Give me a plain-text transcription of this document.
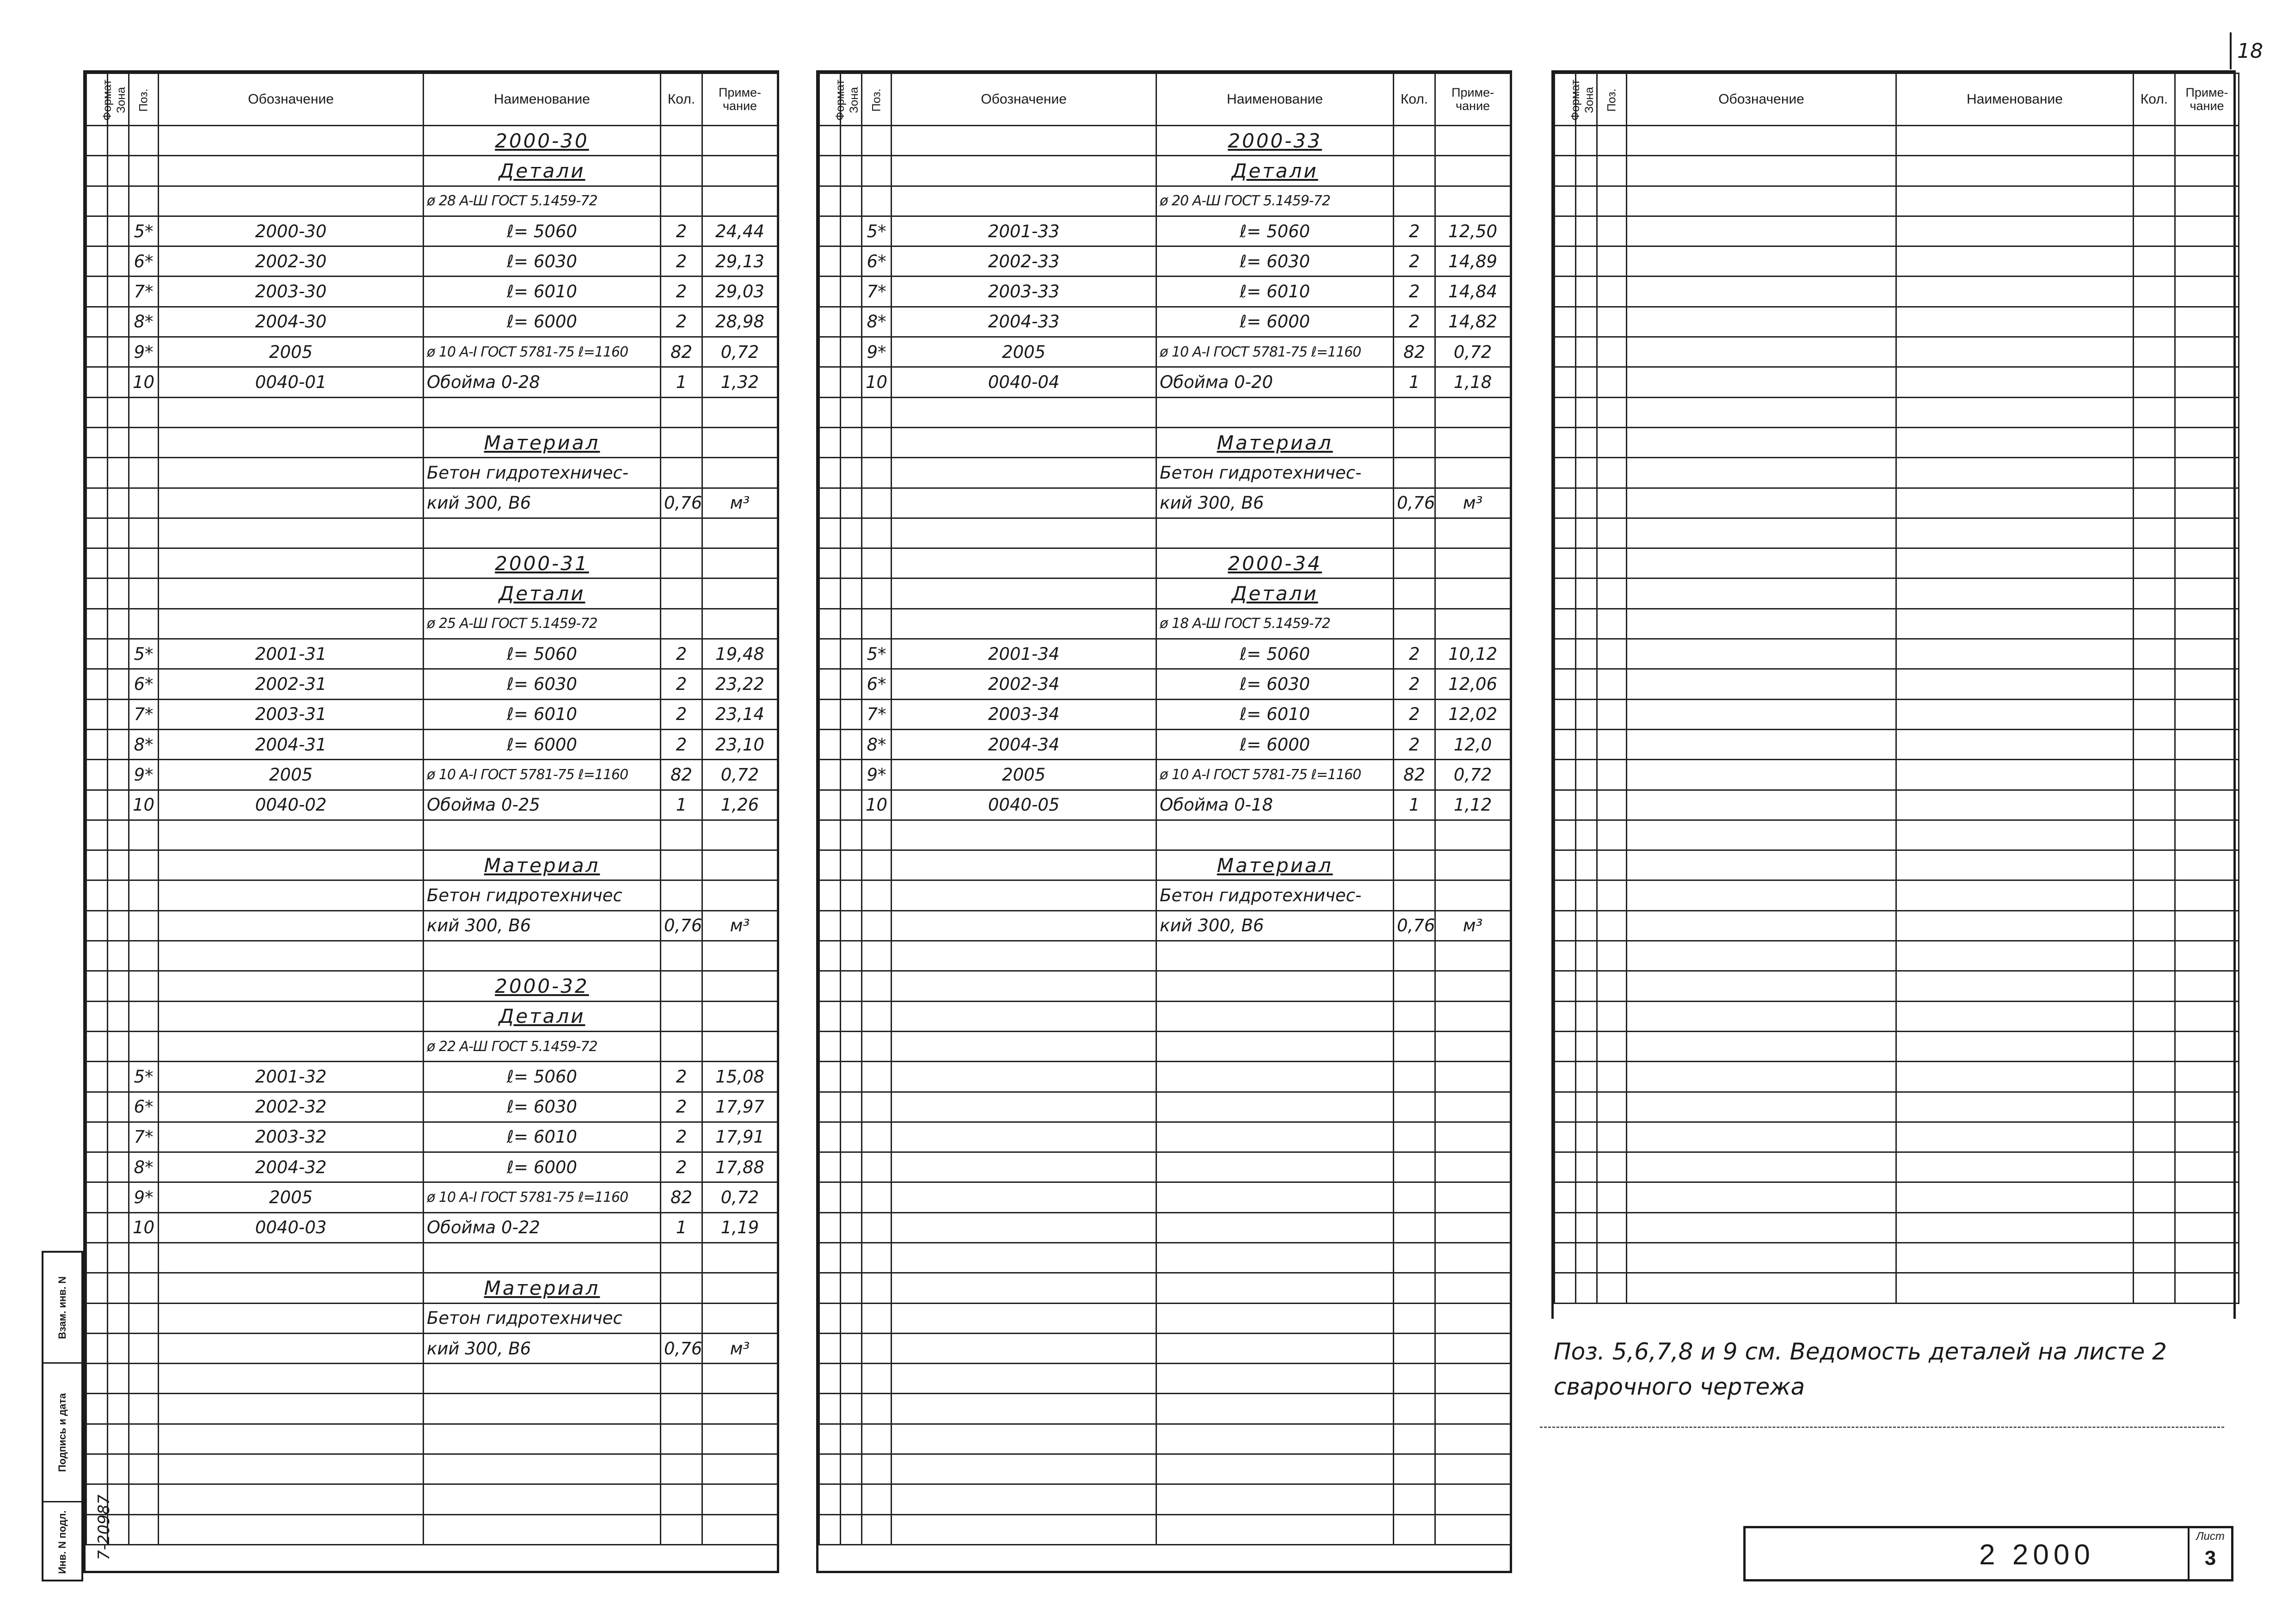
18
Формат	Зона	Поз.	Обозначение	Наименование	Кол.	Приме-чание
				2000-30		
				Детали		
				ø 28 А-Ш ГОСТ 5.1459-72		
		5*	2000-30	ℓ= 5060	2	24,44
		6*	2002-30	ℓ= 6030	2	29,13
		7*	2003-30	ℓ= 6010	2	29,03
		8*	2004-30	ℓ= 6000	2	28,98
		9*	2005	ø 10 А-I ГОСТ 5781-75 ℓ=1160	82	0,72
		10	0040-01	Обойма 0-28	1	1,32

				Материал		
				Бетон гидротехничес-		
				кий 300, В6	0,76	м³

				2000-31		
				Детали		
				ø 25 А-Ш ГОСТ 5.1459-72		
		5*	2001-31	ℓ= 5060	2	19,48
		6*	2002-31	ℓ= 6030	2	23,22
		7*	2003-31	ℓ= 6010	2	23,14
		8*	2004-31	ℓ= 6000	2	23,10
		9*	2005	ø 10 А-I ГОСТ 5781-75 ℓ=1160	82	0,72
		10	0040-02	Обойма 0-25	1	1,26

				Материал		
				Бетон гидротехничес		
				кий 300, В6	0,76	м³

				2000-32		
				Детали		
				ø 22 А-Ш ГОСТ 5.1459-72		
		5*	2001-32	ℓ= 5060	2	15,08
		6*	2002-32	ℓ= 6030	2	17,97
		7*	2003-32	ℓ= 6010	2	17,91
		8*	2004-32	ℓ= 6000	2	17,88
		9*	2005	ø 10 А-I ГОСТ 5781-75 ℓ=1160	82	0,72
		10	0040-03	Обойма 0-22	1	1,19

				Материал		
				Бетон гидротехничес		
				кий 300, В6	0,76	м³

Формат	Зона	Поз.	Обозначение	Наименование	Кол.	Приме-чание
				2000-33		
				Детали		
				ø 20 А-Ш ГОСТ 5.1459-72		
		5*	2001-33	ℓ= 5060	2	12,50
		6*	2002-33	ℓ= 6030	2	14,89
		7*	2003-33	ℓ= 6010	2	14,84
		8*	2004-33	ℓ= 6000	2	14,82
		9*	2005	ø 10 А-I ГОСТ 5781-75 ℓ=1160	82	0,72
		10	0040-04	Обойма 0-20	1	1,18

				Материал		
				Бетон гидротехничес-		
				кий 300, В6	0,76	м³

				2000-34		
				Детали		
				ø 18 А-Ш ГОСТ 5.1459-72		
		5*	2001-34	ℓ= 5060	2	10,12
		6*	2002-34	ℓ= 6030	2	12,06
		7*	2003-34	ℓ= 6010	2	12,02
		8*	2004-34	ℓ= 6000	2	12,0
		9*	2005	ø 10 А-I ГОСТ 5781-75 ℓ=1160	82	0,72
		10	0040-05	Обойма 0-18	1	1,12

				Материал		
				Бетон гидротехничес-		
				кий 300, В6	0,76	м³

Формат	Зона	Поз.	Обозначение	Наименование	Кол.	Приме-чание

Поз. 5,6,7,8 и 9 см. Ведомость деталей на листе 2
сварочного чертежа
2 2000
Лист
3
Взам. инв. N
Подпись и дата
Инв. N подл. 7-20987
